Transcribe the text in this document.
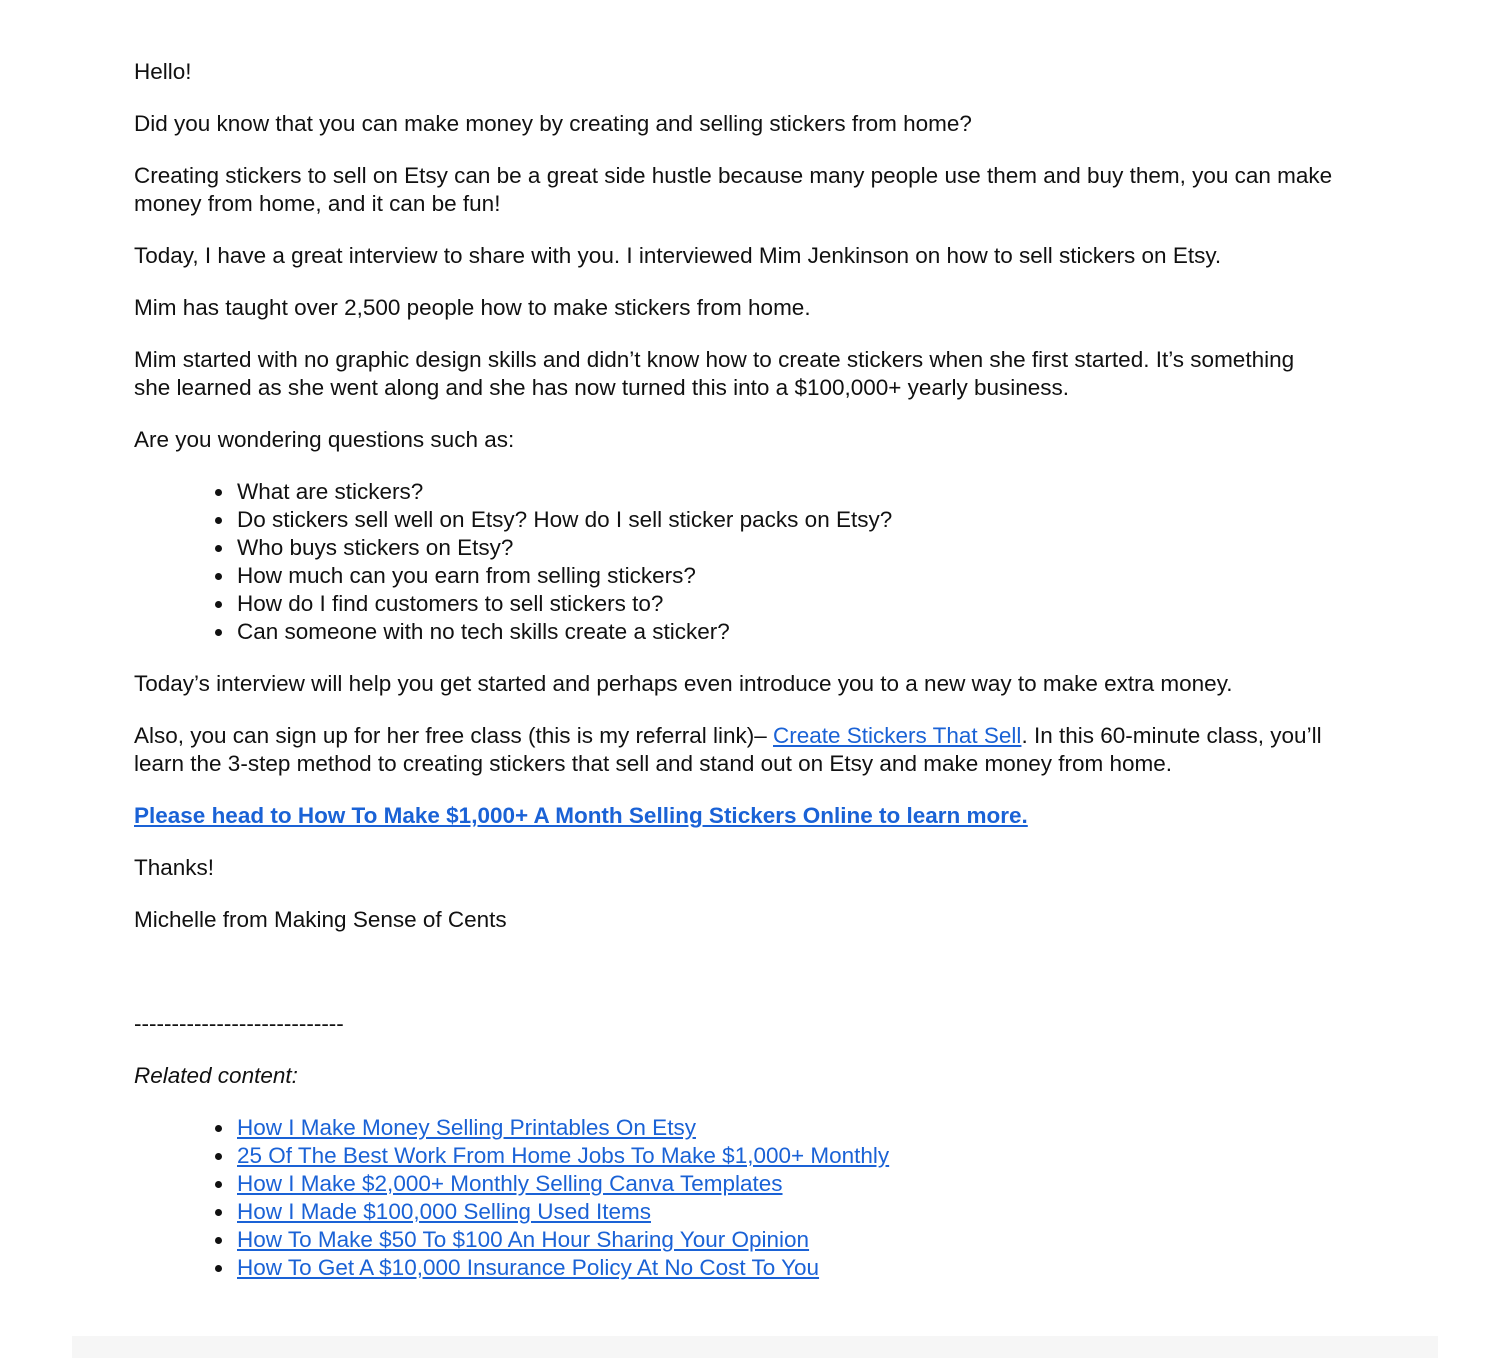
Hello!

Did you know that you can make money by creating and selling stickers from home?

Creating stickers to sell on Etsy can be a great side hustle because many people use them and buy them, you can make money from home, and it can be fun!

Today, I have a great interview to share with you. I interviewed Mim Jenkinson on how to sell stickers on Etsy.

Mim has taught over 2,500 people how to make stickers from home.

Mim started with no graphic design skills and didn’t know how to create stickers when she first started. It’s something she learned as she went along and she has now turned this into a $100,000+ yearly business.

Are you wondering questions such as:

• What are stickers?
• Do stickers sell well on Etsy? How do I sell sticker packs on Etsy?
• Who buys stickers on Etsy?
• How much can you earn from selling stickers?
• How do I find customers to sell stickers to?
• Can someone with no tech skills create a sticker?

Today’s interview will help you get started and perhaps even introduce you to a new way to make extra money.

Also, you can sign up for her free class (this is my referral link)– Create Stickers That Sell. In this 60-minute class, you’ll learn the 3-step method to creating stickers that sell and stand out on Etsy and make money from home.

Please head to How To Make $1,000+ A Month Selling Stickers Online to learn more.

Thanks!

Michelle from Making Sense of Cents

----------------------------

Related content:

• How I Make Money Selling Printables On Etsy
• 25 Of The Best Work From Home Jobs To Make $1,000+ Monthly
• How I Make $2,000+ Monthly Selling Canva Templates
• How I Made $100,000 Selling Used Items
• How To Make $50 To $100 An Hour Sharing Your Opinion
• How To Get A $10,000 Insurance Policy At No Cost To You
